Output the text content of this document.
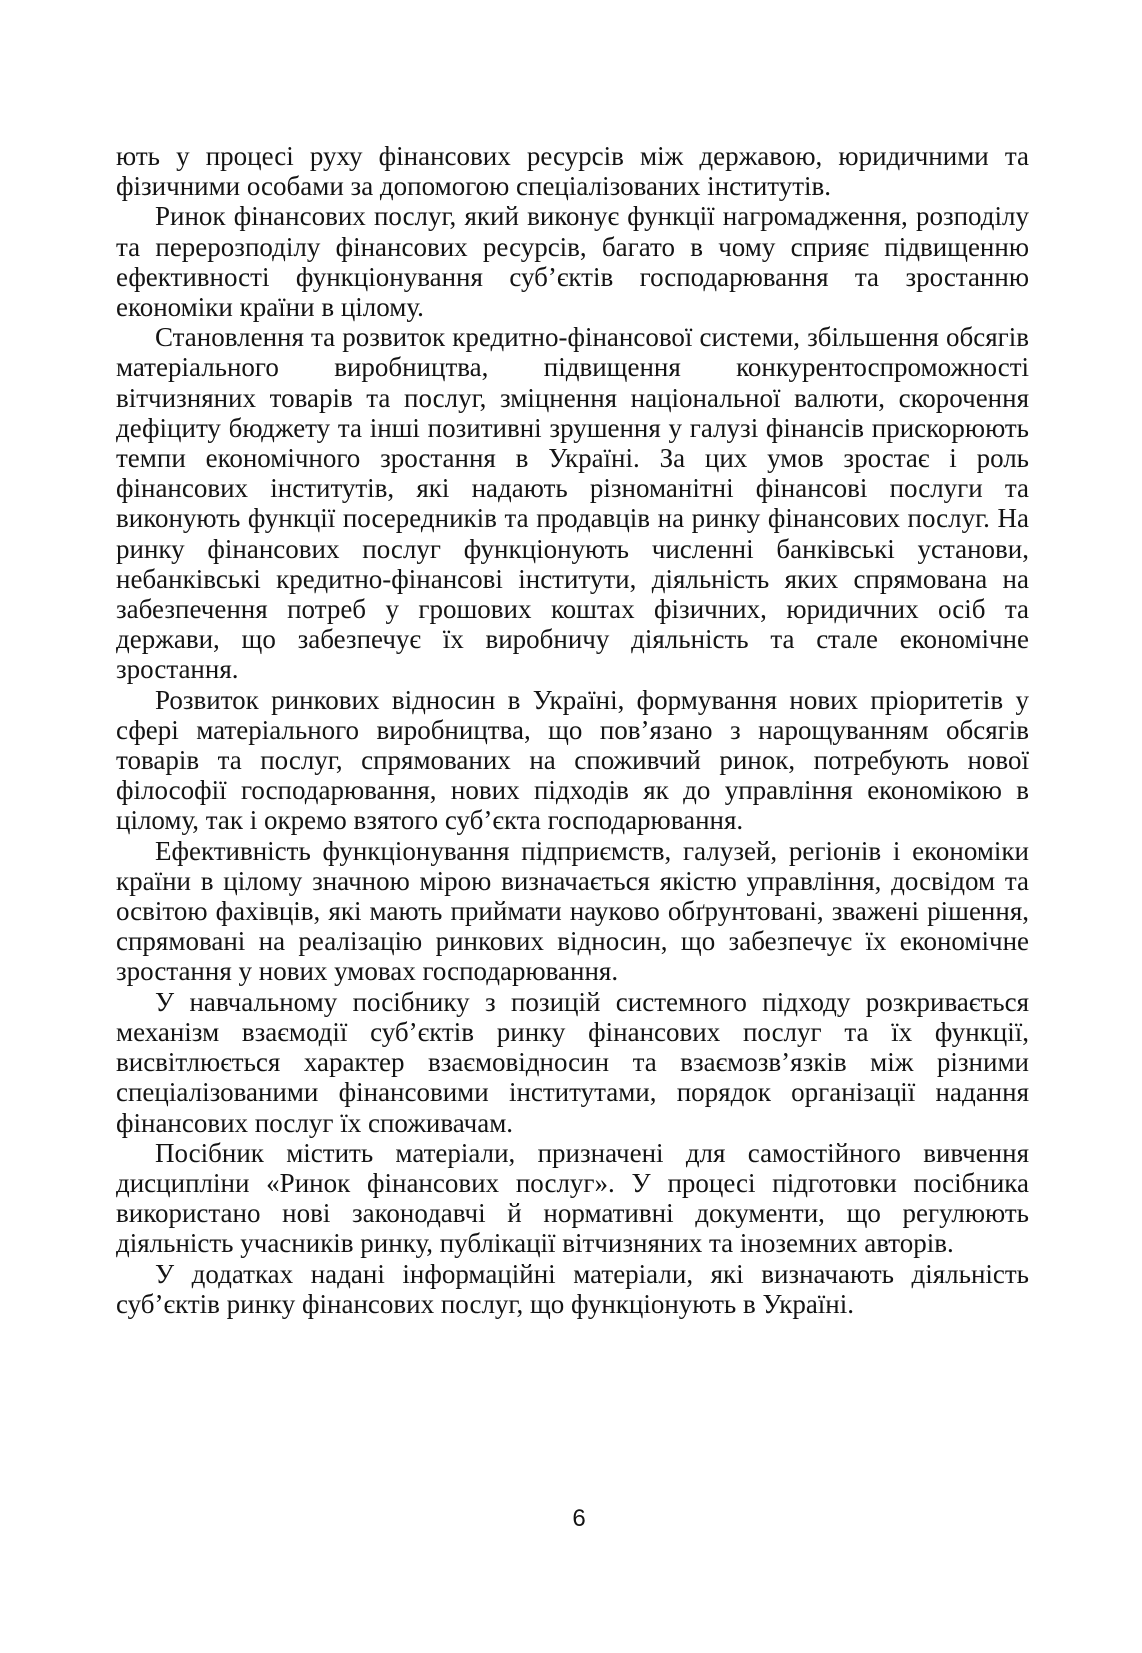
ють у процесі руху фінансових ресурсів між державою, юридичними та фізичними особами за допомогою спеціалізованих інститутів.

Ринок фінансових послуг, який виконує функції нагромадження, розподілу та перерозподілу фінансових ресурсів, багато в чому сприяє підвищенню ефективності функціонування суб’єктів господарювання та зростанню економіки країни в цілому.

Становлення та розвиток кредитно-фінансової системи, збільшення обсягів матеріального виробництва, підвищення конкурентоспроможності вітчизняних товарів та послуг, зміцнення національної валюти, скорочення дефіциту бюджету та інші позитивні зрушення у галузі фінансів прискорюють темпи економічного зростання в Україні. За цих умов зростає і роль фінансових інститутів, які надають різноманітні фінансові послуги та виконують функції посередників та продавців на ринку фінансових послуг. На ринку фінансових послуг функціонують численні банківські установи, небанківські кредитно-фінансові інститути, діяльність яких спрямована на забезпечення потреб у грошових коштах фізичних, юридичних осіб та держави, що забезпечує їх виробничу діяльність та стале економічне зростання.

Розвиток ринкових відносин в Україні, формування нових пріоритетів у сфері матеріального виробництва, що пов’язано з нарощуванням обсягів товарів та послуг, спрямованих на споживчий ринок, потребують нової філософії господарювання, нових підходів як до управління економікою в цілому, так і окремо взятого суб’єкта господарювання.

Ефективність функціонування підприємств, галузей, регіонів і економіки країни в цілому значною мірою визначається якістю управління, досвідом та освітою фахівців, які мають приймати науково обґрунтовані, зважені рішення, спрямовані на реалізацію ринкових відносин, що забезпечує їх економічне зростання у нових умовах господарювання.

У навчальному посібнику з позицій системного підходу розкривається механізм взаємодії суб’єктів ринку фінансових послуг та їх функції, висвітлюється характер взаємовідносин та взаємозв’язків між різними спеціалізованими фінансовими інститутами, порядок організації надання фінансових послуг їх споживачам.

Посібник містить матеріали, призначені для самостійного вивчення дисципліни «Ринок фінансових послуг». У процесі підготовки посібника використано нові законодавчі й нормативні документи, що регулюють діяльність учасників ринку, публікації вітчизняних та іноземних авторів.

У додатках надані інформаційні матеріали, які визначають діяльність суб’єктів ринку фінансових послуг, що функціонують в Україні.

6
